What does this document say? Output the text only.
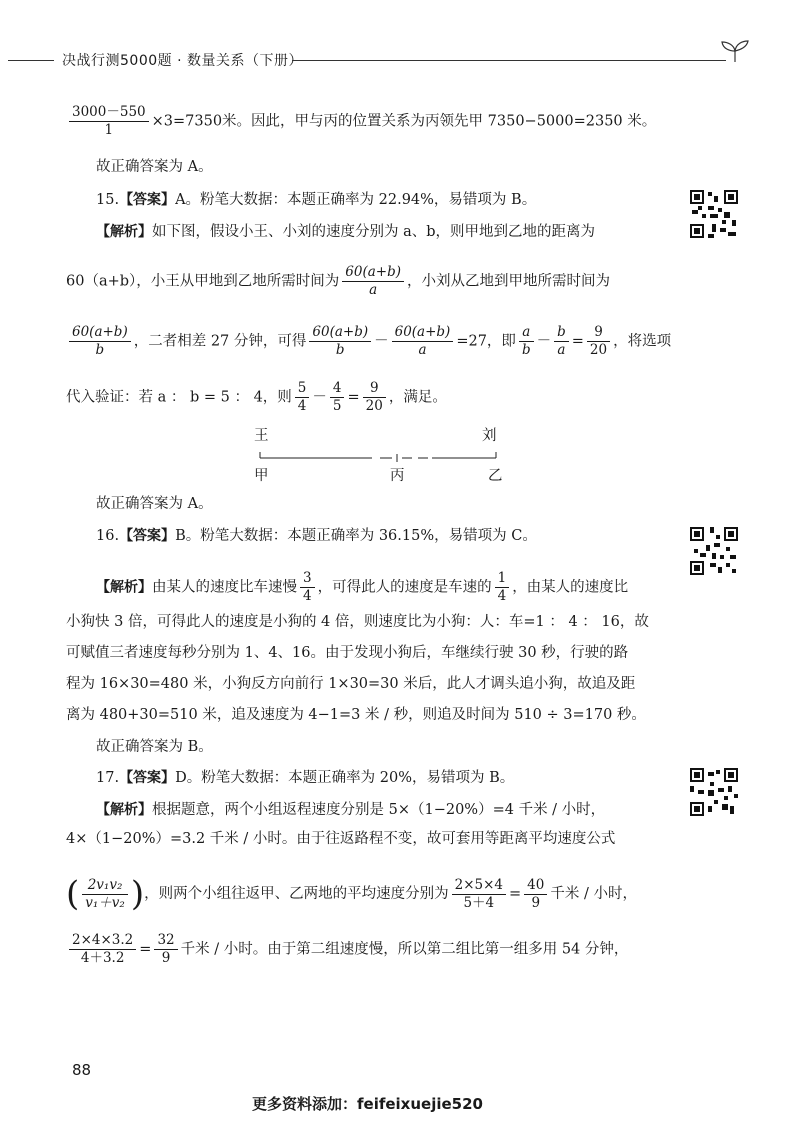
决战行测5000题 · 数量关系（下册）
$\frac{3000-550}{1} \times 3=7350$米。因此，甲与丙的位置关系为丙领先甲 7350−5000=2350 米。
故正确答案为 A。
15.【答案】A。粉笔大数据：本题正确率为 22.94%，易错项为 B。
【解析】如下图，假设小王、小刘的速度分别为 a、b，则甲地到乙地的距离为
60（a+b），小王从甲地到乙地所需时间为 $\frac{60(a+b)}{a}$ ，小刘从乙地到甲地所需时间为
$\frac{60(a+b)}{b}$ ，二者相差 27 分钟，可得 $\frac{60(a+b)}{b} - \frac{60(a+b)}{a} =27$，即 $\frac{a}{b} - \frac{b}{a} = \frac{9}{20}$ ，将选项
代入验证：若 a ： b = 5 ： 4，则 $\frac{5}{4} - \frac{4}{5} = \frac{9}{20}$ ，满足。
王	刘
甲	丙	乙
故正确答案为 A。
16.【答案】B。粉笔大数据：本题正确率为 36.15%，易错项为 C。
【解析】由某人的速度比车速慢 $\frac{3}{4}$ ，可得此人的速度是车速的 $\frac{1}{4}$ ，由某人的速度比
小狗快 3 倍，可得此人的速度是小狗的 4 倍，则速度比为小狗：人：车=1 ： 4 ： 16，故
可赋值三者速度每秒分别为 1、4、16。由于发现小狗后，车继续行驶 30 秒，行驶的路
程为 16×30=480 米，小狗反方向前行 1×30=30 米后，此人才调头追小狗，故追及距
离为 480+30=510 米，追及速度为 4−1=3 米 / 秒，则追及时间为 510 ÷ 3=170 秒。
故正确答案为 B。
17.【答案】D。粉笔大数据：本题正确率为 20%，易错项为 B。
【解析】根据题意，两个小组返程速度分别是 5×（1−20%）=4 千米 / 小时，
4×（1−20%）=3.2 千米 / 小时。由于往返路程不变，故可套用等距离平均速度公式
( $\frac{\text{2v₁v₂}}{\text{v₁＋v₂}}$ )，则两个小组往返甲、乙两地的平均速度分别为 $\frac{2\times 5\times 4}{5+4} = \frac{40}{9}$ 千米 / 小时，
$\frac{2\times 4\times 3.2}{4+3.2} = \frac{32}{9}$ 千米 / 小时。由于第二组速度慢，所以第二组比第一组多用 54 分钟，
88
更多资料添加：feifeixuejie520
